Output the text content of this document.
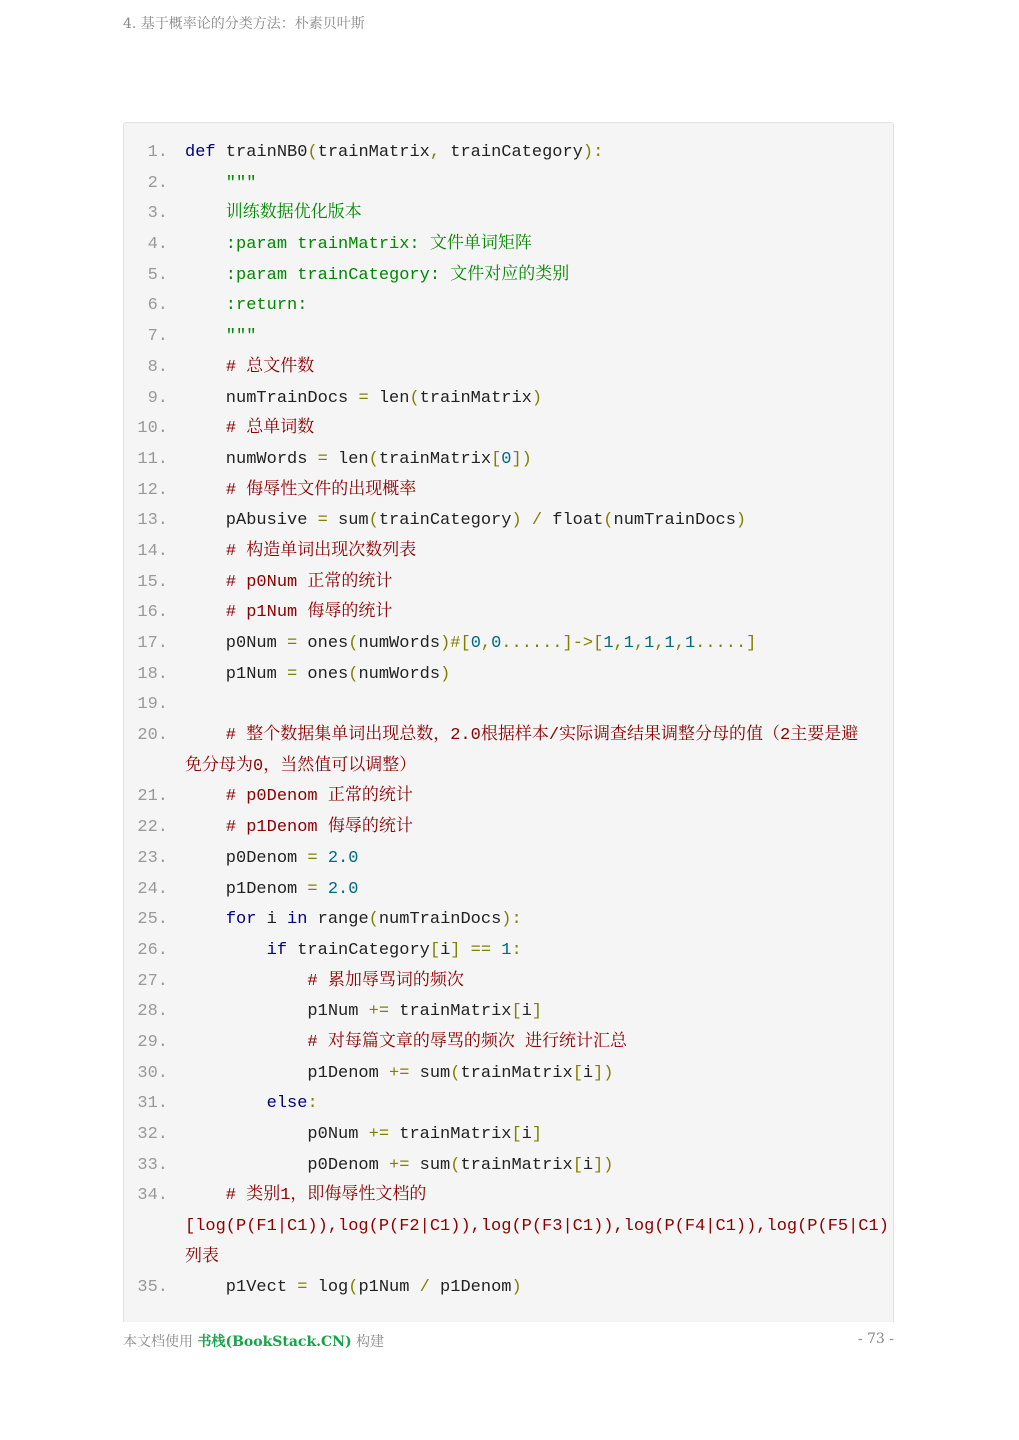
4. 基于概率论的分类方法：朴素贝叶斯
1. def trainNB0(trainMatrix, trainCategory):
2. """
3. 训练数据优化版本
4. :param trainMatrix: 文件单词矩阵
5. :param trainCategory: 文件对应的类别
6. :return:
7. """
8.	# 总文件数
9. numTrainDocs = len(trainMatrix)
10.	# 总单词数
11. numWords = len(trainMatrix[0])
12.	# 侮辱性文件的出现概率
13. pAbusive = sum(trainCategory) / float(numTrainDocs)
14.	# 构造单词出现次数列表
15.	# p0Num 正常的统计
16.	# p1Num 侮辱的统计
17. p0Num = ones(numWords)#[0,0......]->[1,1,1,1,1.....]
18. p1Num = ones(numWords)
19.
20. # 整个数据集单词出现总数，2.0根据样本/实际调查结果调整分母的值（2主要是避
免分母为0，当然值可以调整）
21.	# p0Denom 正常的统计
22.	# p1Denom 侮辱的统计
23. p0Denom = 2.0
24. p1Denom = 2.0
25.	for i in range(numTrainDocs):
26.	if trainCategory[i] == 1:
27.	# 累加辱骂词的频次
28. p1Num += trainMatrix[i]
29.	# 对每篇文章的辱骂的频次 进行统计汇总
30. p1Denom += sum(trainMatrix[i])
31.	else:
32. p0Num += trainMatrix[i]
33. p0Denom += sum(trainMatrix[i])
34. # 类别1，即侮辱性文档的
[log(P(F1|C1)),log(P(F2|C1)),log(P(F3|C1)),log(P(F4|C1)),log(P(F5|C1)
列表
35. p1Vect = log(p1Num / p1Denom)
本文档使用 书栈(BookStack.CN) 构建	- 73 -
